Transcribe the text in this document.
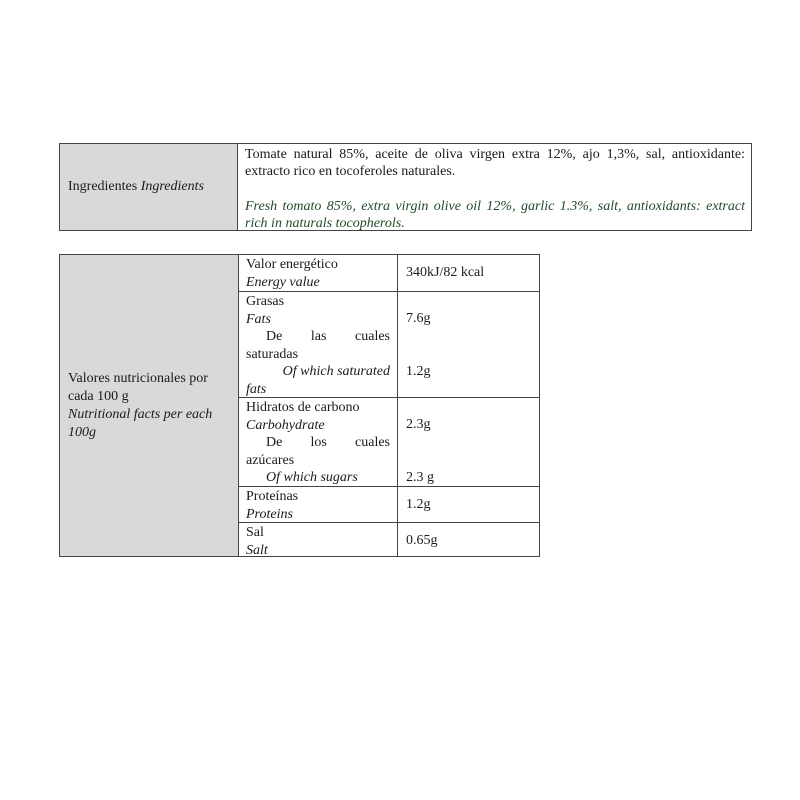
Ingredientes
Ingredients

Tomate natural 85%, aceite de oliva virgen extra 12%, ajo 1,3%, sal, antioxidante: extracto rico en tocoferoles naturales.

Fresh tomato 85%, extra virgin olive oil 12%, garlic 1.3%, salt, antioxidants: extract rich in naturals tocopherols.

Valores nutricionales por cada 100 g
Nutritional facts per each 100g
Valor energético
Energy value
340kJ/82 kcal
Grasas
Fats
De las cuales
saturadas
Of which saturated
fats
7.6g
1.2g
Hidratos de carbono
Carbohydrate
De los cuales
azúcares
Of which sugars
2.3g
2.3 g
Proteínas
Proteins
1.2g
Sal
Salt
0.65g
